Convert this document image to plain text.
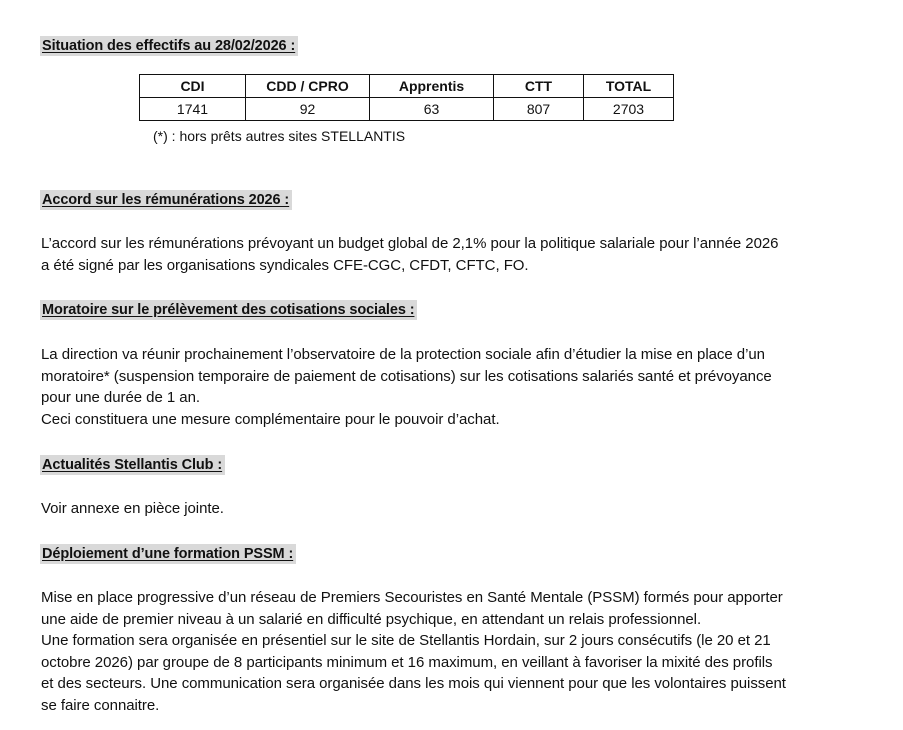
Situation des effectifs au 28/02/2026 :
CDI	CDD / CPRO	Apprentis	CTT	TOTAL
1741	92	63	807	2703
(*) : hors prêts autres sites STELLANTIS
Accord sur les rémunérations 2026 :
L’accord sur les rémunérations prévoyant un budget global de 2,1% pour la politique salariale pour l’année 2026
a été signé par les organisations syndicales CFE-CGC, CFDT, CFTC, FO.
Moratoire sur le prélèvement des cotisations sociales :
La direction va réunir prochainement l’observatoire de la protection sociale afin d’étudier la mise en place d’un
moratoire* (suspension temporaire de paiement de cotisations) sur les cotisations salariés santé et prévoyance
pour une durée de 1 an.
Ceci constituera une mesure complémentaire pour le pouvoir d’achat.
Actualités Stellantis Club :
Voir annexe en pièce jointe.
Déploiement d’une formation PSSM :
Mise en place progressive d’un réseau de Premiers Secouristes en Santé Mentale (PSSM) formés pour apporter
une aide de premier niveau à un salarié en difficulté psychique, en attendant un relais professionnel.
Une formation sera organisée en présentiel sur le site de Stellantis Hordain, sur 2 jours consécutifs (le 20 et 21
octobre 2026) par groupe de 8 participants minimum et 16 maximum, en veillant à favoriser la mixité des profils
et des secteurs. Une communication sera organisée dans les mois qui viennent pour que les volontaires puissent
se faire connaitre.
